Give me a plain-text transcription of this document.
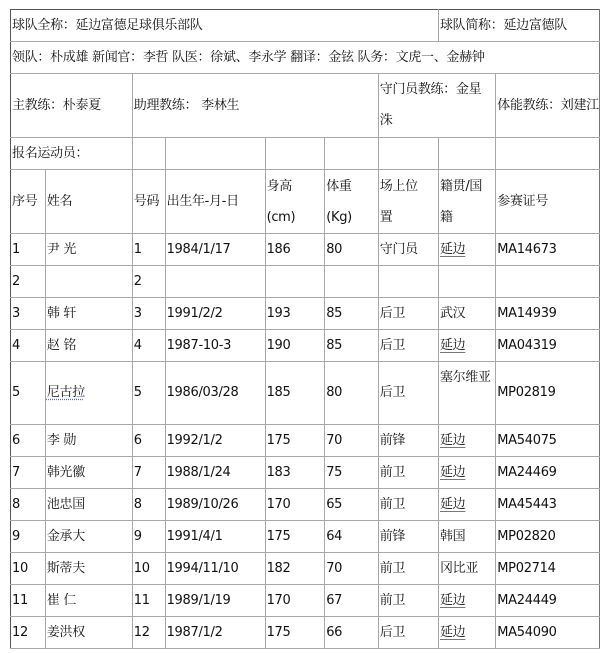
球队全称：延边富德足球俱乐部队							球队简称：延边富德队	
领队：朴成雄 新闻官：李哲 队医：徐斌、李永学 翻译：金铉 队务：文虎一、金赫钟								
主教练：朴泰夏		助理教练： 李林生				守门员教练：金星洙		体能教练：刘建江
报名运动员：								
序号	姓名	号码	出生年-月-日	身高(cm)	体重(Kg)	场上位置	籍贯/国籍	参赛证号
1	尹 光	1	1984/1/17	186	80	守门员	延边	MA14673
2		2						
3	韩 轩	3	1991/2/2	193	85	后卫	武汉	MA14939
4	赵 铭	4	1987-10-3	190	85	后卫	延边	MA04319
5	尼古拉	5	1986/03/28	185	80	后卫	塞尔维亚	MP02819
6	李 勋	6	1992/1/2	175	70	前锋	延边	MA54075
7	韩光徽	7	1988/1/24	183	75	前卫	延边	MA24469
8	池忠国	8	1989/10/26	170	65	前卫	延边	MA45443
9	金承大	9	1991/4/1	175	64	前锋	韩国	MP02820
10	斯蒂夫	10	1994/11/10	182	70	前卫	冈比亚	MP02714
11	崔 仁	11	1989/1/19	170	67	前卫	延边	MA24449
12	姜洪权	12	1987/1/2	175	66	后卫	延边	MA54090
